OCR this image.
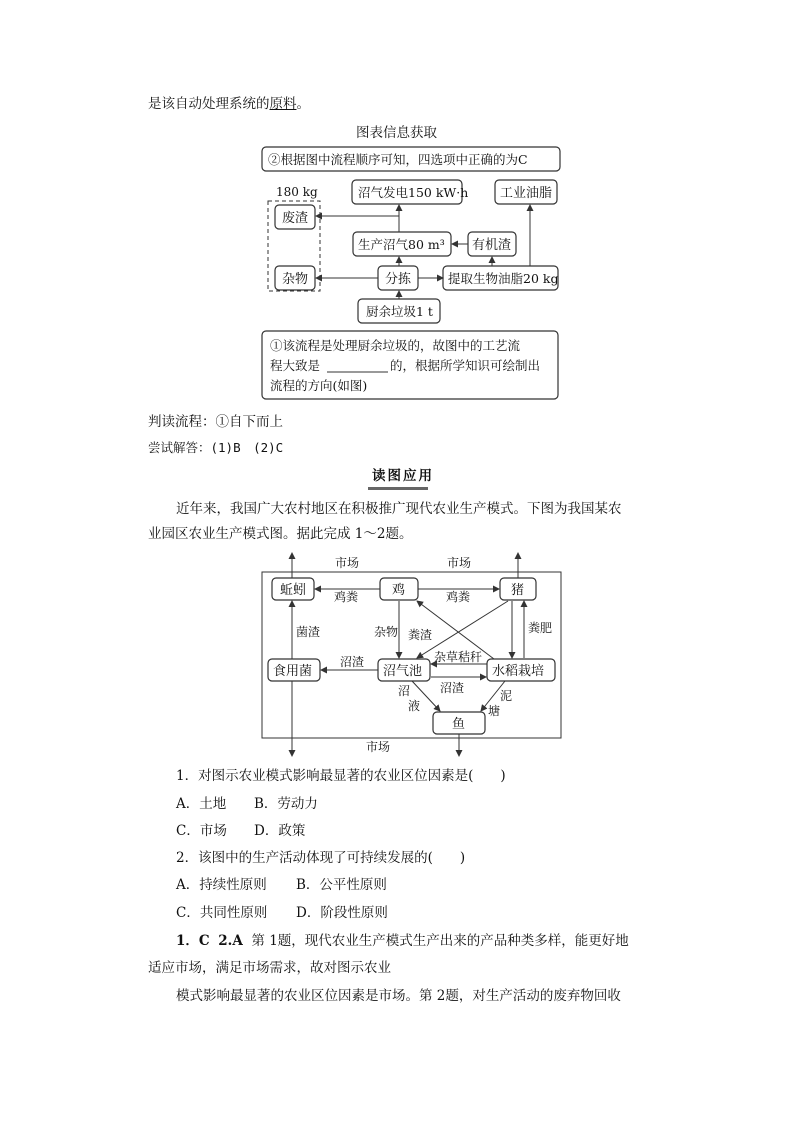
是该自动处理系统的原料。
图表信息获取
180 kg
②根据图中流程顺序可知，四选项中正确的为C
废渣
杂物
沼气发电150 kW·h 工业油脂
生产沼气80 m³ 有机渣
分拣	提取生物油脂20 kg
厨余垃圾1 t
①该流程是处理厨余垃圾的，故图中的工艺流
程大致是	的，根据所学知识可绘制出
流程的方向(如图)
判读流程：①自下而上
尝试解答：(1)B　(2)C
读图应用
近年来，我国广大农村地区在积极推广现代农业生产模式。下图为我国某农
业园区农业生产模式图。据此完成 1～2题。
市场	市场
市场
蚯蚓	鸡	猪
食用菌	沼气池	水稻栽培
鱼
鸡粪	鸡粪
菌渣	杂物 粪渣	粪肥
杂草秸秆
沼渣
沼渣
沼
液
泥
塘
1．对图示农业模式影响最显著的农业区位因素是(　　)
A．土地 B．劳动力
C．市场 D．政策
2．该图中的生产活动体现了可持续发展的(　　)
A．持续性原则 B．公平性原则
C．共同性原则 D．阶段性原则
1．C 2.A 第 1题，现代农业生产模式生产出来的产品种类多样，能更好地
适应市场，满足市场需求，故对图示农业
模式影响最显著的农业区位因素是市场。第 2题，对生产活动的废弃物回收
